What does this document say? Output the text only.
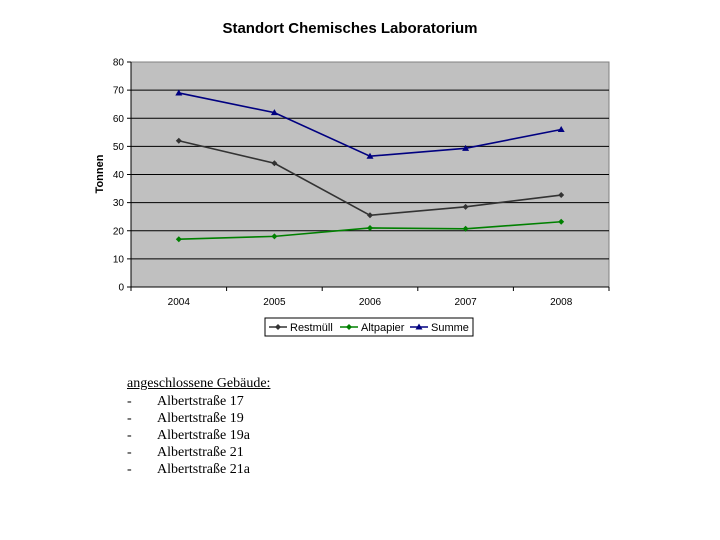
Standort Chemisches Laboratorium
0
10
20
30
40
50
60
70
80
2004	2005	2006	2007	2008
Tonnen
Restmüll	Altpapier Summe
angeschlossene Gebäude:
- Albertstraße 17
- Albertstraße 19
- Albertstraße 19a
- Albertstraße 21
- Albertstraße 21a
